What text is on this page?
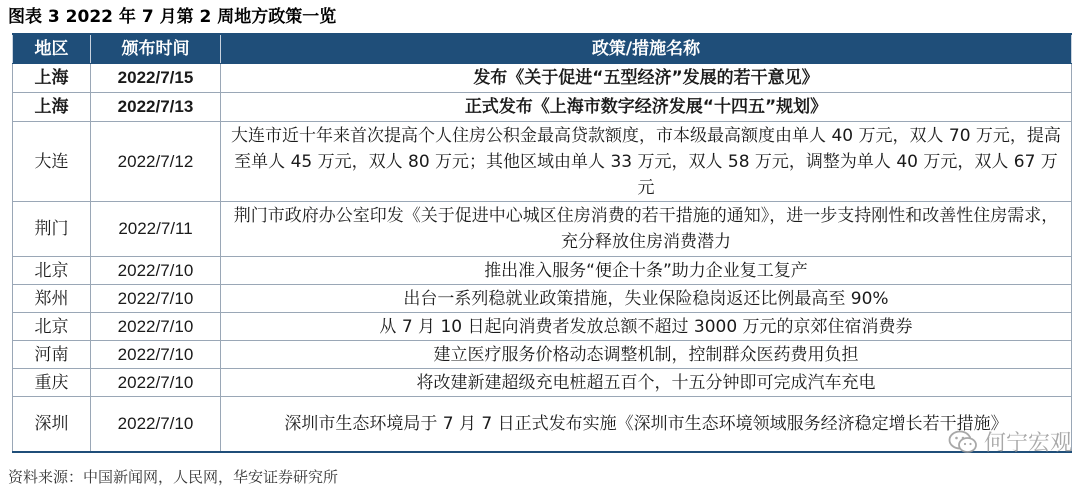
图表 3 2022 年 7 月第 2 周地方政策一览
地区	颁布时间	政策/措施名称
上海	2022/7/15	发布《关于促进“五型经济”发展的若干意见》
上海	2022/7/13	正式发布《上海市数字经济发展“十四五”规划》
大连	2022/7/12	大连市近十年来首次提高个人住房公积金最高贷款额度，市本级最高额度由单人 40 万元，双人 70 万元，提高至单人 45 万元，双人 80 万元；其他区域由单人 33 万元，双人 58 万元，调整为单人 40 万元，双人 67 万元
荆门	2022/7/11	荆门市政府办公室印发《关于促进中心城区住房消费的若干措施的通知》，进一步支持刚性和改善性住房需求，充分释放住房消费潜力
北京	2022/7/10	推出准入服务“便企十条”助力企业复工复产
郑州	2022/7/10	出台一系列稳就业政策措施，失业保险稳岗返还比例最高至 90%
北京	2022/7/10	从 7 月 10 日起向消费者发放总额不超过 3000 万元的京郊住宿消费券
河南	2022/7/10	建立医疗服务价格动态调整机制，控制群众医药费用负担
重庆	2022/7/10	将改建新建超级充电桩超五百个，十五分钟即可完成汽车充电
深圳	2022/7/10	深圳市生态环境局于 7 月 7 日正式发布实施《深圳市生态环境领域服务经济稳定增长若干措施》
何宁宏观
资料来源：中国新闻网，人民网，华安证券研究所
